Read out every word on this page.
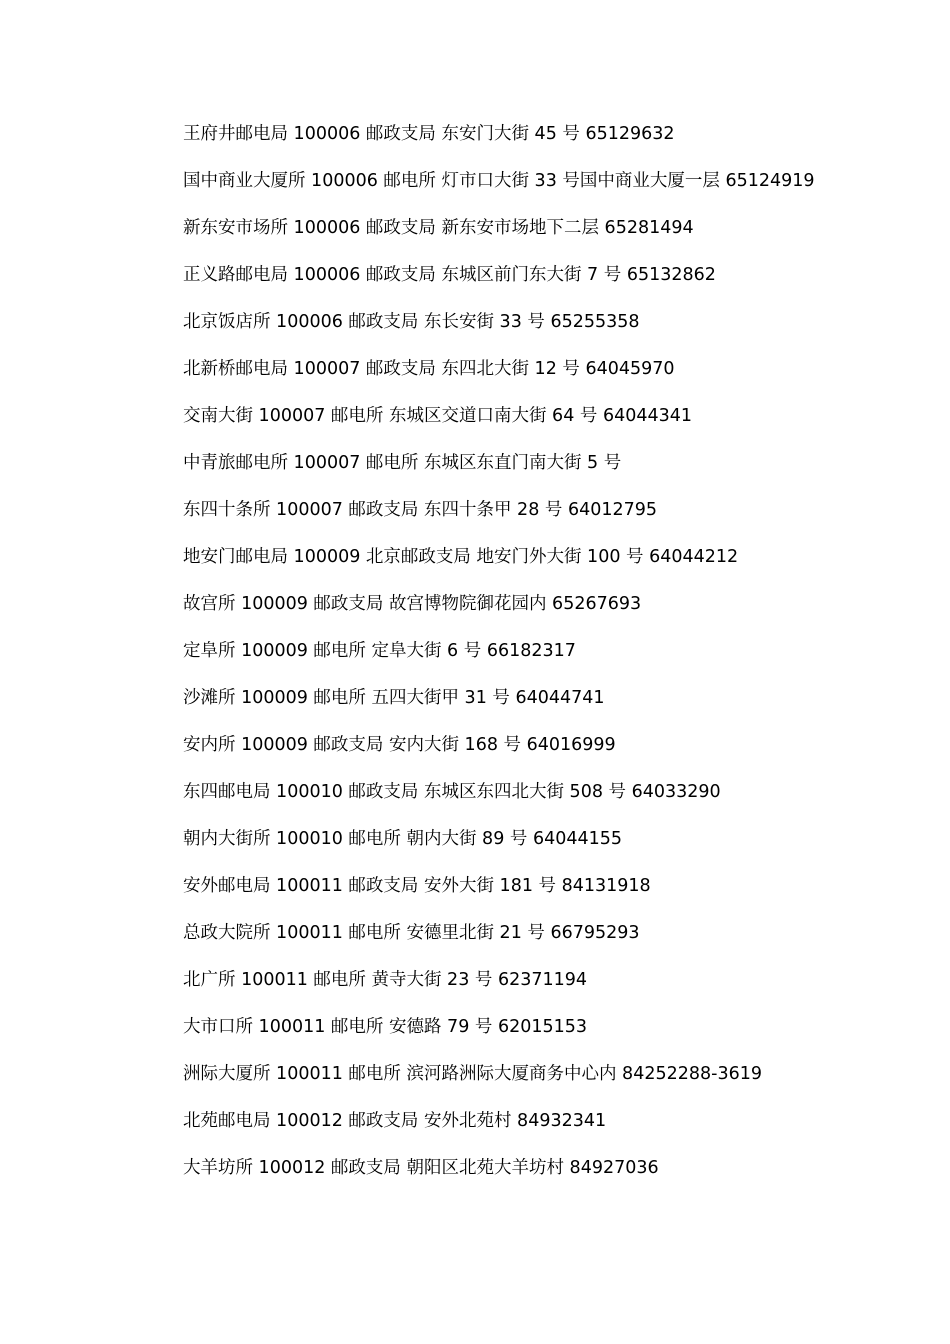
王府井邮电局 100006 邮政支局 东安门大街 45 号 65129632
国中商业大厦所 100006 邮电所 灯市口大街 33 号国中商业大厦一层 65124919
新东安市场所 100006 邮政支局 新东安市场地下二层 65281494
正义路邮电局 100006 邮政支局 东城区前门东大街 7 号 65132862
北京饭店所 100006 邮政支局 东长安街 33 号 65255358
北新桥邮电局 100007 邮政支局 东四北大街 12 号 64045970
交南大街 100007 邮电所 东城区交道口南大街 64 号 64044341
中青旅邮电所 100007 邮电所 东城区东直门南大街 5 号
东四十条所 100007 邮政支局 东四十条甲 28 号 64012795
地安门邮电局 100009 北京邮政支局 地安门外大街 100 号 64044212
故宫所 100009 邮政支局 故宫博物院御花园内 65267693
定阜所 100009 邮电所 定阜大街 6 号 66182317
沙滩所 100009 邮电所 五四大街甲 31 号 64044741
安内所 100009 邮政支局 安内大街 168 号 64016999
东四邮电局 100010 邮政支局 东城区东四北大街 508 号 64033290
朝内大街所 100010 邮电所 朝内大街 89 号 64044155
安外邮电局 100011 邮政支局 安外大街 181 号 84131918
总政大院所 100011 邮电所 安德里北街 21 号 66795293
北广所 100011 邮电所 黄寺大街 23 号 62371194
大市口所 100011 邮电所 安德路 79 号 62015153
洲际大厦所 100011 邮电所 滨河路洲际大厦商务中心内 84252288-3619
北苑邮电局 100012 邮政支局 安外北苑村 84932341
大羊坊所 100012 邮政支局 朝阳区北苑大羊坊村 84927036
